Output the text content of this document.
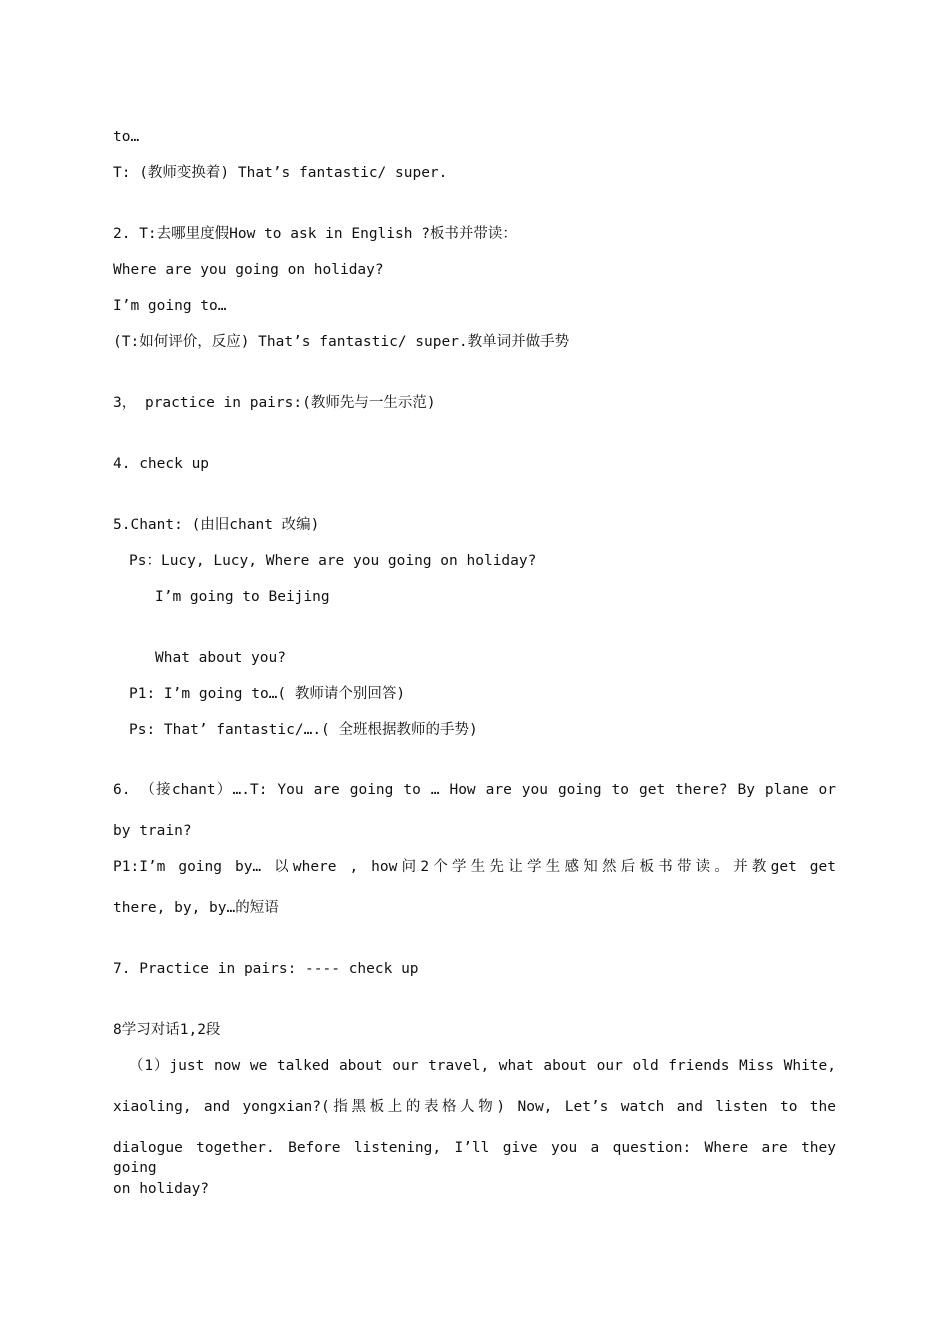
to…
T: (教师变换着) That’s fantastic/ super.
2. T:去哪里度假How to ask in English ?板书并带读：
Where are you going on holiday?
I’m going to…
(T:如何评价，反应) That’s fantastic/ super.教单词并做手势
3， practice in pairs:(教师先与一生示范)
4. check up
5.Chant: (由旧chant 改编)
Ps：Lucy, Lucy, Where are you going on holiday?
I’m going to Beijing
What about you?
P1: I’m going to…( 教师请个别回答)
Ps: That’ fantastic/….( 全班根据教师的手势)
6. （接chant）….T: You are going to … How are you going to get there? By plane or
by train?
P1:I’m going by… 以where , how问2个学生先让学生感知然后板书带读。并教get get
there, by, by…的短语
7. Practice in pairs: ---- check up
8学习对话1,2段
（1）just now we talked about our travel, what about our old friends Miss White,
xiaoling, and yongxian?(指黑板上的表格人物) Now, Let’s watch and listen to the
dialogue together. Before listening, I’ll give you a question: Where are they going
on holiday?
